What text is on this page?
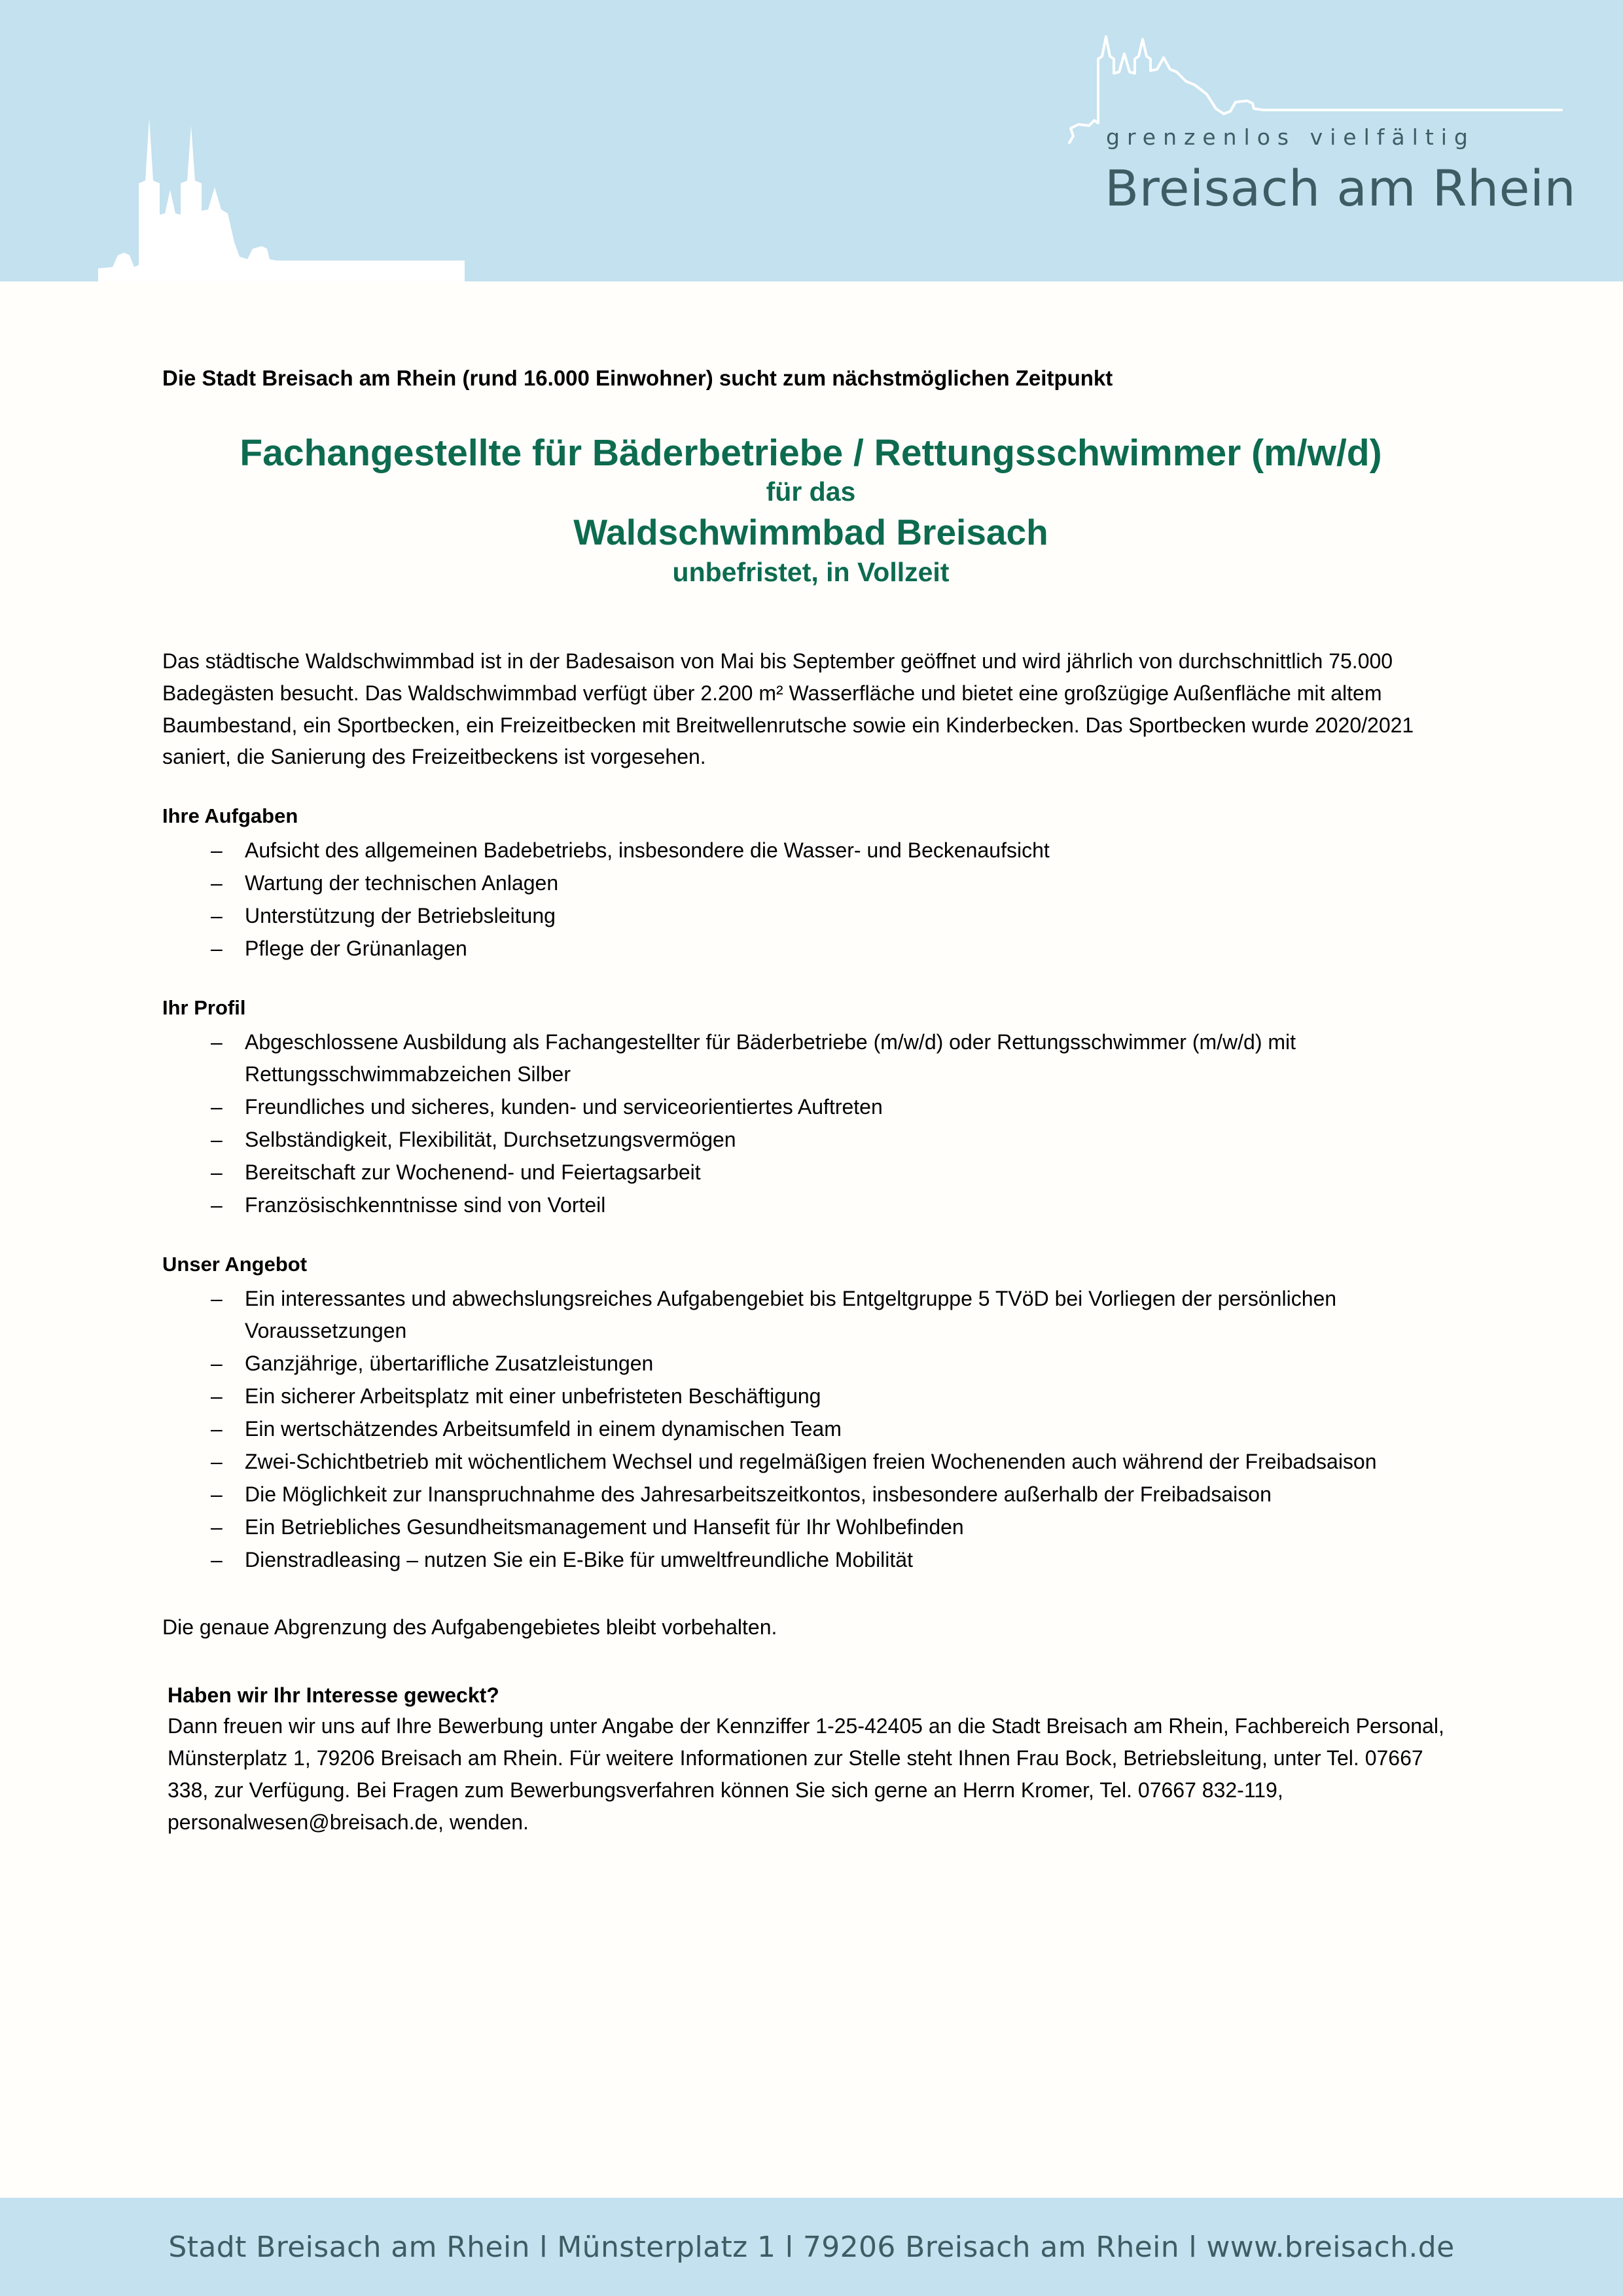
grenzenlos vielfältig
Breisach am Rhein
Die Stadt Breisach am Rhein (rund 16.000 Einwohner) sucht zum nächstmöglichen Zeitpunkt
Fachangestellte für Bäderbetriebe / Rettungsschwimmer (m/w/d)
für das
Waldschwimmbad Breisach
unbefristet, in Vollzeit

Das städtische Waldschwimmbad ist in der Badesaison von Mai bis September geöffnet und wird jährlich von durchschnittlich 75.000 Badegästen besucht. Das Waldschwimmbad verfügt über 2.200 m² Wasserfläche und bietet eine großzügige Außenfläche mit altem Baumbestand, ein Sportbecken, ein Freizeitbecken mit Breitwellenrutsche sowie ein Kinderbecken. Das Sportbecken wurde 2020/2021 saniert, die Sanierung des Freizeitbeckens ist vorgesehen.

Ihre Aufgaben
– Aufsicht des allgemeinen Badebetriebs, insbesondere die Wasser- und Beckenaufsicht
– Wartung der technischen Anlagen
– Unterstützung der Betriebsleitung
– Pflege der Grünanlagen
Ihr Profil
– Abgeschlossene Ausbildung als Fachangestellter für Bäderbetriebe (m/w/d) oder Rettungsschwimmer (m/w/d) mit Rettungsschwimmabzeichen Silber
– Freundliches und sicheres, kunden- und serviceorientiertes Auftreten
– Selbständigkeit, Flexibilität, Durchsetzungsvermögen
– Bereitschaft zur Wochenend- und Feiertagsarbeit
– Französischkenntnisse sind von Vorteil
Unser Angebot
– Ein interessantes und abwechslungsreiches Aufgabengebiet bis Entgeltgruppe 5 TVöD bei Vorliegen der persönlichen Voraussetzungen
– Ganzjährige, übertarifliche Zusatzleistungen
– Ein sicherer Arbeitsplatz mit einer unbefristeten Beschäftigung
– Ein wertschätzendes Arbeitsumfeld in einem dynamischen Team
– Zwei-Schichtbetrieb mit wöchentlichem Wechsel und regelmäßigen freien Wochenenden auch während der Freibadsaison
– Die Möglichkeit zur Inanspruchnahme des Jahresarbeitszeitkontos, insbesondere außerhalb der Freibadsaison
– Ein Betriebliches Gesundheitsmanagement und Hansefit für Ihr Wohlbefinden
– Dienstradleasing – nutzen Sie ein E-Bike für umweltfreundliche Mobilität

Die genaue Abgrenzung des Aufgabengebietes bleibt vorbehalten.

Haben wir Ihr Interesse geweckt?

Dann freuen wir uns auf Ihre Bewerbung unter Angabe der Kennziffer 1-25-42405 an die Stadt Breisach am Rhein, Fachbereich Personal, Münsterplatz 1, 79206 Breisach am Rhein. Für weitere Informationen zur Stelle steht Ihnen Frau Bock, Betriebsleitung, unter Tel. 07667 338, zur Verfügung. Bei Fragen zum Bewerbungsverfahren können Sie sich gerne an Herrn Kromer, Tel. 07667 832-119, personalwesen@breisach.de, wenden.

Stadt Breisach am Rhein l Münsterplatz 1 l 79206 Breisach am Rhein l www.breisach.de
